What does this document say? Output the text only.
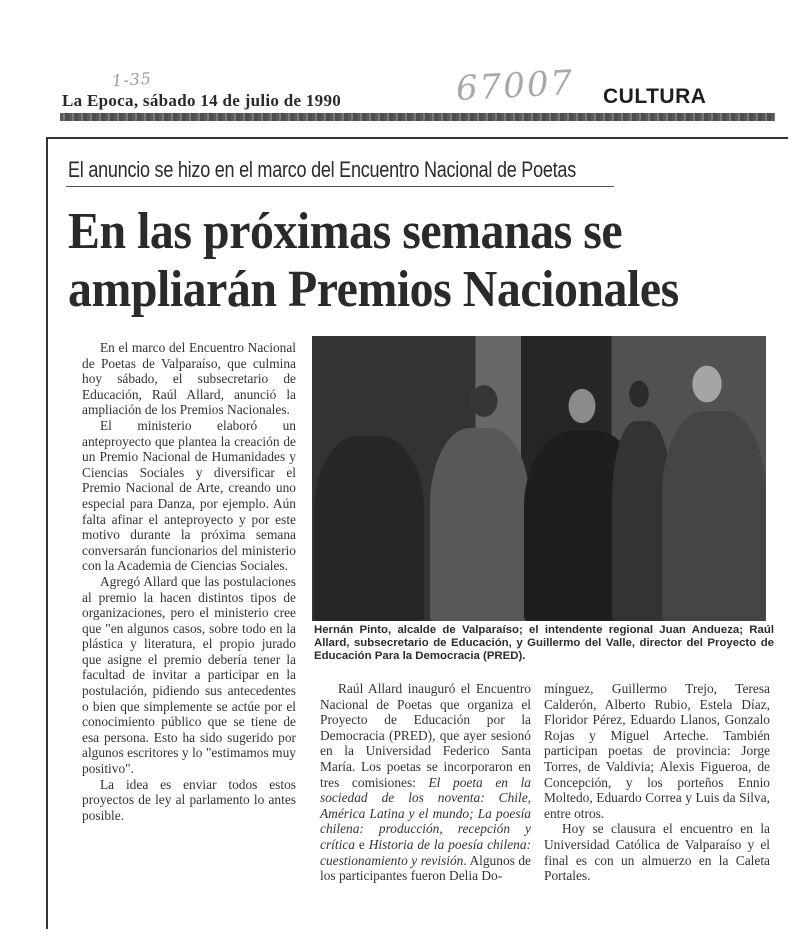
1-35	67007
La Epoca, sábado 14 de julio de 1990	CULTURA
El anuncio se hizo en el marco del Encuentro Nacional de Poetas
En las próximas semanas se ampliarán Premios Nacionales

En el marco del Encuentro Nacional de Poetas de Valparaíso, que culmina hoy sábado, el subsecretario de Educación, Raúl Allard, anunció la ampliación de los Premios Nacionales.

El ministerio elaboró un anteproyecto que plantea la creación de un Premio Nacional de Humanidades y Ciencias Sociales y diversificar el Premio Nacional de Arte, creando uno especial para Danza, por ejemplo. Aún falta afinar el anteproyecto y por este motivo durante la próxima semana conversarán funcionarios del ministerio con la Academia de Ciencias Sociales.

Agregó Allard que las postulaciones al premio la hacen distintos tipos de organizaciones, pero el ministerio cree que "en algunos casos, sobre todo en la plástica y literatura, el propio jurado que asigne el premio debería tener la facultad de invitar a participar en la postulación, pidiendo sus antecedentes o bien que simplemente se actúe por el conocimiento público que se tiene de esa persona. Esto ha sido sugerido por algunos escritores y lo "estimamos muy positivo".

La idea es enviar todos estos proyectos de ley al parlamento lo antes posible.

Hernán Pinto, alcalde de Valparaíso; el intendente regional Juan Andueza; Raúl Allard, subsecretario de Educación, y Guillermo del Valle, director del Proyecto de Educación Para la Democracia (PRED).

Raúl Allard inauguró el Encuentro Nacional de Poetas que organiza el Proyecto de Educación por la Democracia (PRED), que ayer sesionó en la Universidad Federico Santa María. Los poetas se incorporaron en tres comisiones: El poeta en la sociedad de los noventa: Chile, América Latina y el mundo; La poesía chilena: producción, recepción y crítica e Historia de la poesía chilena: cuestionamiento y revisión. Algunos de los participantes fueron Delia Do-

mínguez, Guillermo Trejo, Teresa Calderón, Alberto Rubio, Estela Díaz, Floridor Pérez, Eduardo Llanos, Gonzalo Rojas y Miguel Arteche. También participan poetas de provincia: Jorge Torres, de Valdivia; Alexis Figueroa, de Concepción, y los porteños Ennio Moltedo, Eduardo Correa y Luis da Silva, entre otros.

Hoy se clausura el encuentro en la Universidad Católica de Valparaíso y el final es con un almuerzo en la Caleta Portales.
